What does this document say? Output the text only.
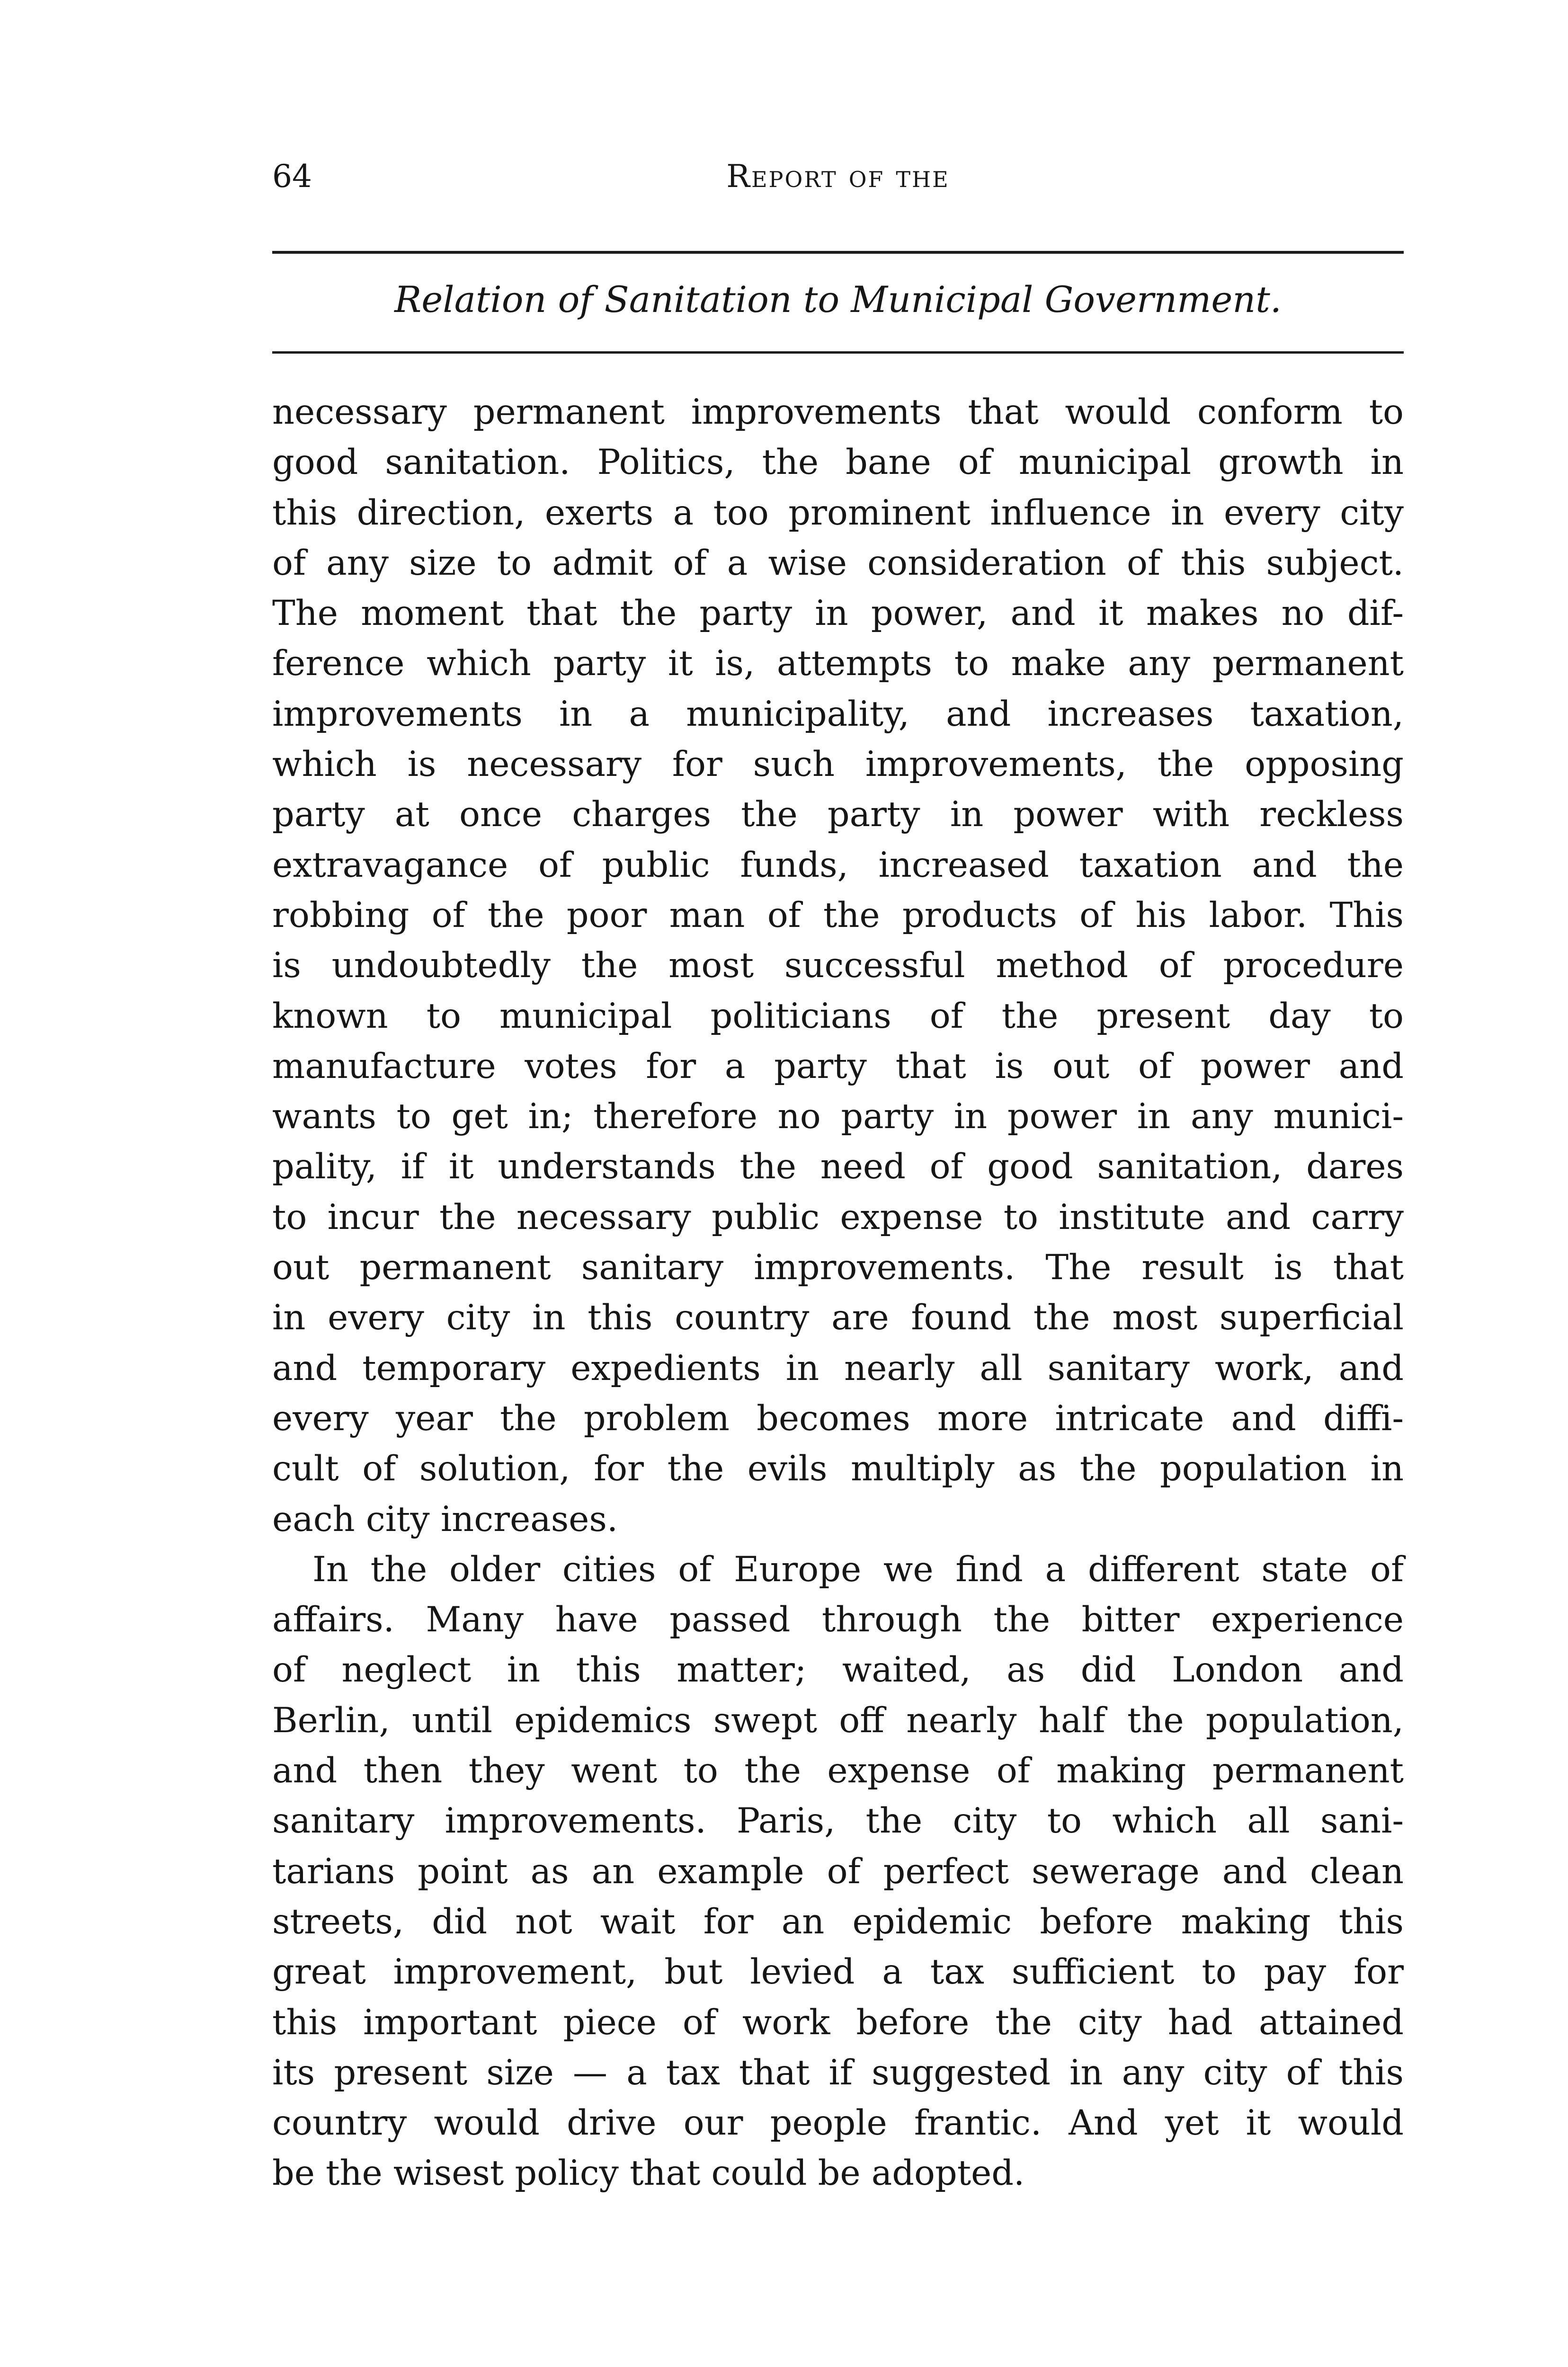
64	Report of the
Relation of Sanitation to Municipal Government.
necessary permanent improvements that would conform to
good sanitation. Politics, the bane of municipal growth in
this direction, exerts a too prominent influence in every city
of any size to admit of a wise consideration of this subject.
The moment that the party in power, and it makes no dif-
ference which party it is, attempts to make any permanent
improvements in a municipality, and increases taxation,
which is necessary for such improvements, the opposing
party at once charges the party in power with reckless
extravagance of public funds, increased taxation and the
robbing of the poor man of the products of his labor. This
is undoubtedly the most successful method of procedure
known to municipal politicians of the present day to
manufacture votes for a party that is out of power and
wants to get in; therefore no party in power in any munici-
pality, if it understands the need of good sanitation, dares
to incur the necessary public expense to institute and carry
out permanent sanitary improvements. The result is that
in every city in this country are found the most superficial
and temporary expedients in nearly all sanitary work, and
every year the problem becomes more intricate and diffi-
cult of solution, for the evils multiply as the population in
each city increases.
In the older cities of Europe we find a different state of
affairs. Many have passed through the bitter experience
of neglect in this matter; waited, as did London and
Berlin, until epidemics swept off nearly half the population,
and then they went to the expense of making permanent
sanitary improvements. Paris, the city to which all sani-
tarians point as an example of perfect sewerage and clean
streets, did not wait for an epidemic before making this
great improvement, but levied a tax sufficient to pay for
this important piece of work before the city had attained
its present size — a tax that if suggested in any city of this
country would drive our people frantic. And yet it would
be the wisest policy that could be adopted.
